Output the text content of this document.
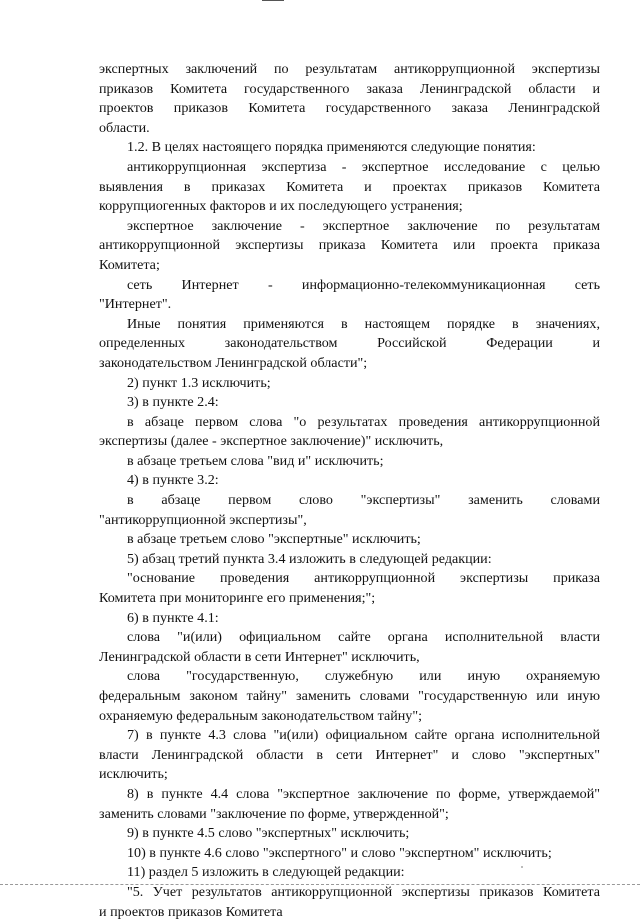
экспертных заключений по результатам антикоррупционной экспертизы

приказов Комитета государственного заказа Ленинградской области и

проектов приказов Комитета государственного заказа Ленинградской

области.

1.2. В целях настоящего порядка применяются следующие понятия:

антикоррупционная экспертиза - экспертное исследование с целью

выявления в приказах Комитета и проектах приказов Комитета

коррупциогенных факторов и их последующего устранения;

экспертное заключение - экспертное заключение по результатам

антикоррупционной экспертизы приказа Комитета или проекта приказа

Комитета;

сеть Интернет - информационно-телекоммуникационная сеть

"Интернет".

Иные понятия применяются в настоящем порядке в значениях,

определенных законодательством Российской Федерации и

законодательством Ленинградской области";

2) пункт 1.3 исключить;

3) в пункте 2.4:

в абзаце первом слова "о результатах проведения антикоррупционной

экспертизы (далее - экспертное заключение)" исключить,

в абзаце третьем слова "вид и" исключить;

4) в пункте 3.2:

в абзаце первом слово "экспертизы" заменить словами

"антикоррупционной экспертизы",

в абзаце третьем слово "экспертные" исключить;

5) абзац третий пункта 3.4 изложить в следующей редакции:

"основание проведения антикоррупционной экспертизы приказа

Комитета при мониторинге его применения;";

6) в пункте 4.1:

слова "и(или) официальном сайте органа исполнительной власти

Ленинградской области в сети Интернет" исключить,

слова "государственную, служебную или иную охраняемую

федеральным законом тайну" заменить словами "государственную или иную

охраняемую федеральным законодательством тайну";

7) в пункте 4.3 слова "и(или) официальном сайте органа исполнительной

власти Ленинградской области в сети Интернет" и слово "экспертных"

исключить;

8) в пункте 4.4 слова "экспертное заключение по форме, утверждаемой"

заменить словами "заключение по форме, утвержденной";

9) в пункте 4.5 слово "экспертных" исключить;

10) в пункте 4.6 слово "экспертного" и слово "экспертном" исключить;

11) раздел 5 изложить в следующей редакции:

"5. Учет результатов антикоррупционной экспертизы приказов Комитета

и проектов приказов Комитета
